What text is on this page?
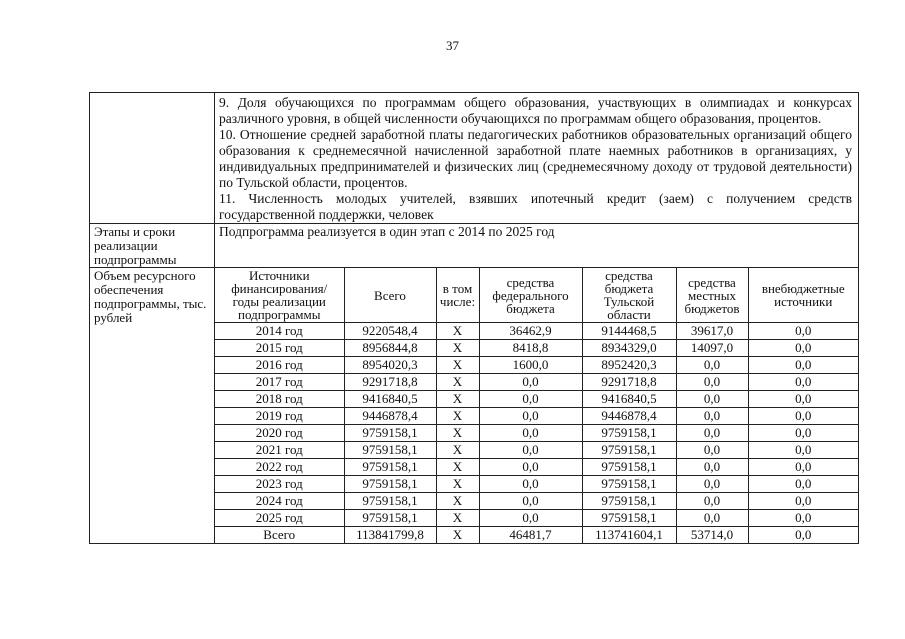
37

9. Доля обучающихся по программам общего образования, участвующих в олимпиадах и конкурсах различного уровня, в общей численности обучающихся по программам общего образования, процентов.
10. Отношение средней заработной платы педагогических работников образовательных организаций общего образования к среднемесячной начисленной заработной плате наемных работников в организациях, у индивидуальных предпринимателей и физических лиц (среднемесячному доходу от трудовой деятельности) по Тульской области, процентов.
11. Численность молодых учителей, взявших ипотечный кредит (заем) с получением средств государственной поддержки, человек

Этапы и сроки реализации подпрограммы	
Подпрограмма реализуется в один этап с 2014 по 2025 год

Объем ресурсного обеспечения подпрограммы, тыс. рублей	
Источники финансирования/ годы реализации подпрограммы	Всего	в том числе:	средства федерального бюджета	средства бюджета Тульской области	средства местных бюджетов	внебюджетные источники
2014 год	9220548,4	Х	36462,9	9144468,5	39617,0	0,0
2015 год	8956844,8	Х	8418,8	8934329,0	14097,0	0,0
2016 год	8954020,3	Х	1600,0	8952420,3	0,0	0,0
2017 год	9291718,8	Х	0,0	9291718,8	0,0	0,0
2018 год	9416840,5	Х	0,0	9416840,5	0,0	0,0
2019 год	9446878,4	Х	0,0	9446878,4	0,0	0,0
2020 год	9759158,1	Х	0,0	9759158,1	0,0	0,0
2021 год	9759158,1	Х	0,0	9759158,1	0,0	0,0
2022 год	9759158,1	Х	0,0	9759158,1	0,0	0,0
2023 год	9759158,1	Х	0,0	9759158,1	0,0	0,0
2024 год	9759158,1	Х	0,0	9759158,1	0,0	0,0
2025 год	9759158,1	Х	0,0	9759158,1	0,0	0,0
Всего	113841799,8	Х	46481,7	113741604,1	53714,0	0,0
